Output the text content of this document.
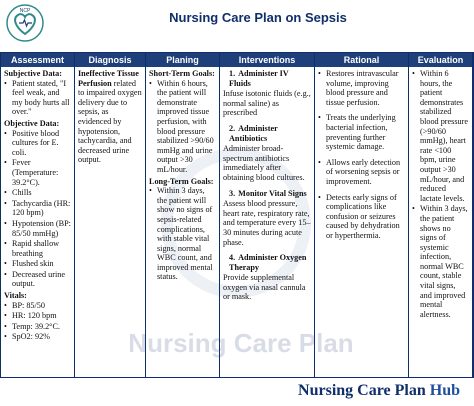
NCP	Nursing Care Plan on Sepsis
Assessment
Subjective Data:
• Patient stated, "I feel weak, and my body hurts all over."
Objective Data:
• Positive blood cultures for E. coli.
• Fever (Temperature: 39.2°C).
• Chills
• Tachycardia (HR: 120 bpm)
• Hypotension (BP: 85/50 mmHg)
• Rapid shallow breathing
• Flushed skin
• Decreased urine output.
Vitals:
• BP: 85/50
• HR: 120 bpm
• Temp: 39.2°C.
• SpO2: 92%
Diagnosis
Ineffective Tissue Perfusion related to impaired oxygen delivery due to sepsis, as evidenced by hypotension, tachycardia, and decreased urine output.
Planing
Short-Term Goals:
• Within 6 hours, the patient will demonstrate improved tissue perfusion, with blood pressure stabilized >90/60 mmHg and urine output >30 mL/hour.
Long-Term Goals:
• Within 3 days, the patient will show no signs of sepsis-related complications, with stable vital signs, normal WBC count, and improved mental status.
Interventions
1. Administer IV Fluids
Infuse isotonic fluids (e.g., normal saline) as prescribed
2. Administer Antibiotics
Administer broad-spectrum antibiotics immediately after obtaining blood cultures.
3. Monitor Vital Signs
Assess blood pressure, heart rate, respiratory rate, and temperature every 15–30 minutes during acute phase.
4. Administer Oxygen Therapy
Provide supplemental oxygen via nasal cannula or mask.
Rational
• Restores intravascular volume, improving blood pressure and tissue perfusion.
• Treats the underlying bacterial infection, preventing further systemic damage.
• Allows early detection of worsening sepsis or improvement.
• Detects early signs of complications like confusion or seizures caused by dehydration or hyperthermia.
Evaluation
• Within 6 hours, the patient demonstrates stabilized blood pressure (>90/60 mmHg), heart rate <100 bpm, urine output >30 mL/hour, and reduced lactate levels.
• Within 3 days, the patient shows no signs of systemic infection, normal WBC count, stable vital signs, and improved mental alertness.
Nursing Care Plan
Nursing Care Plan Hub
